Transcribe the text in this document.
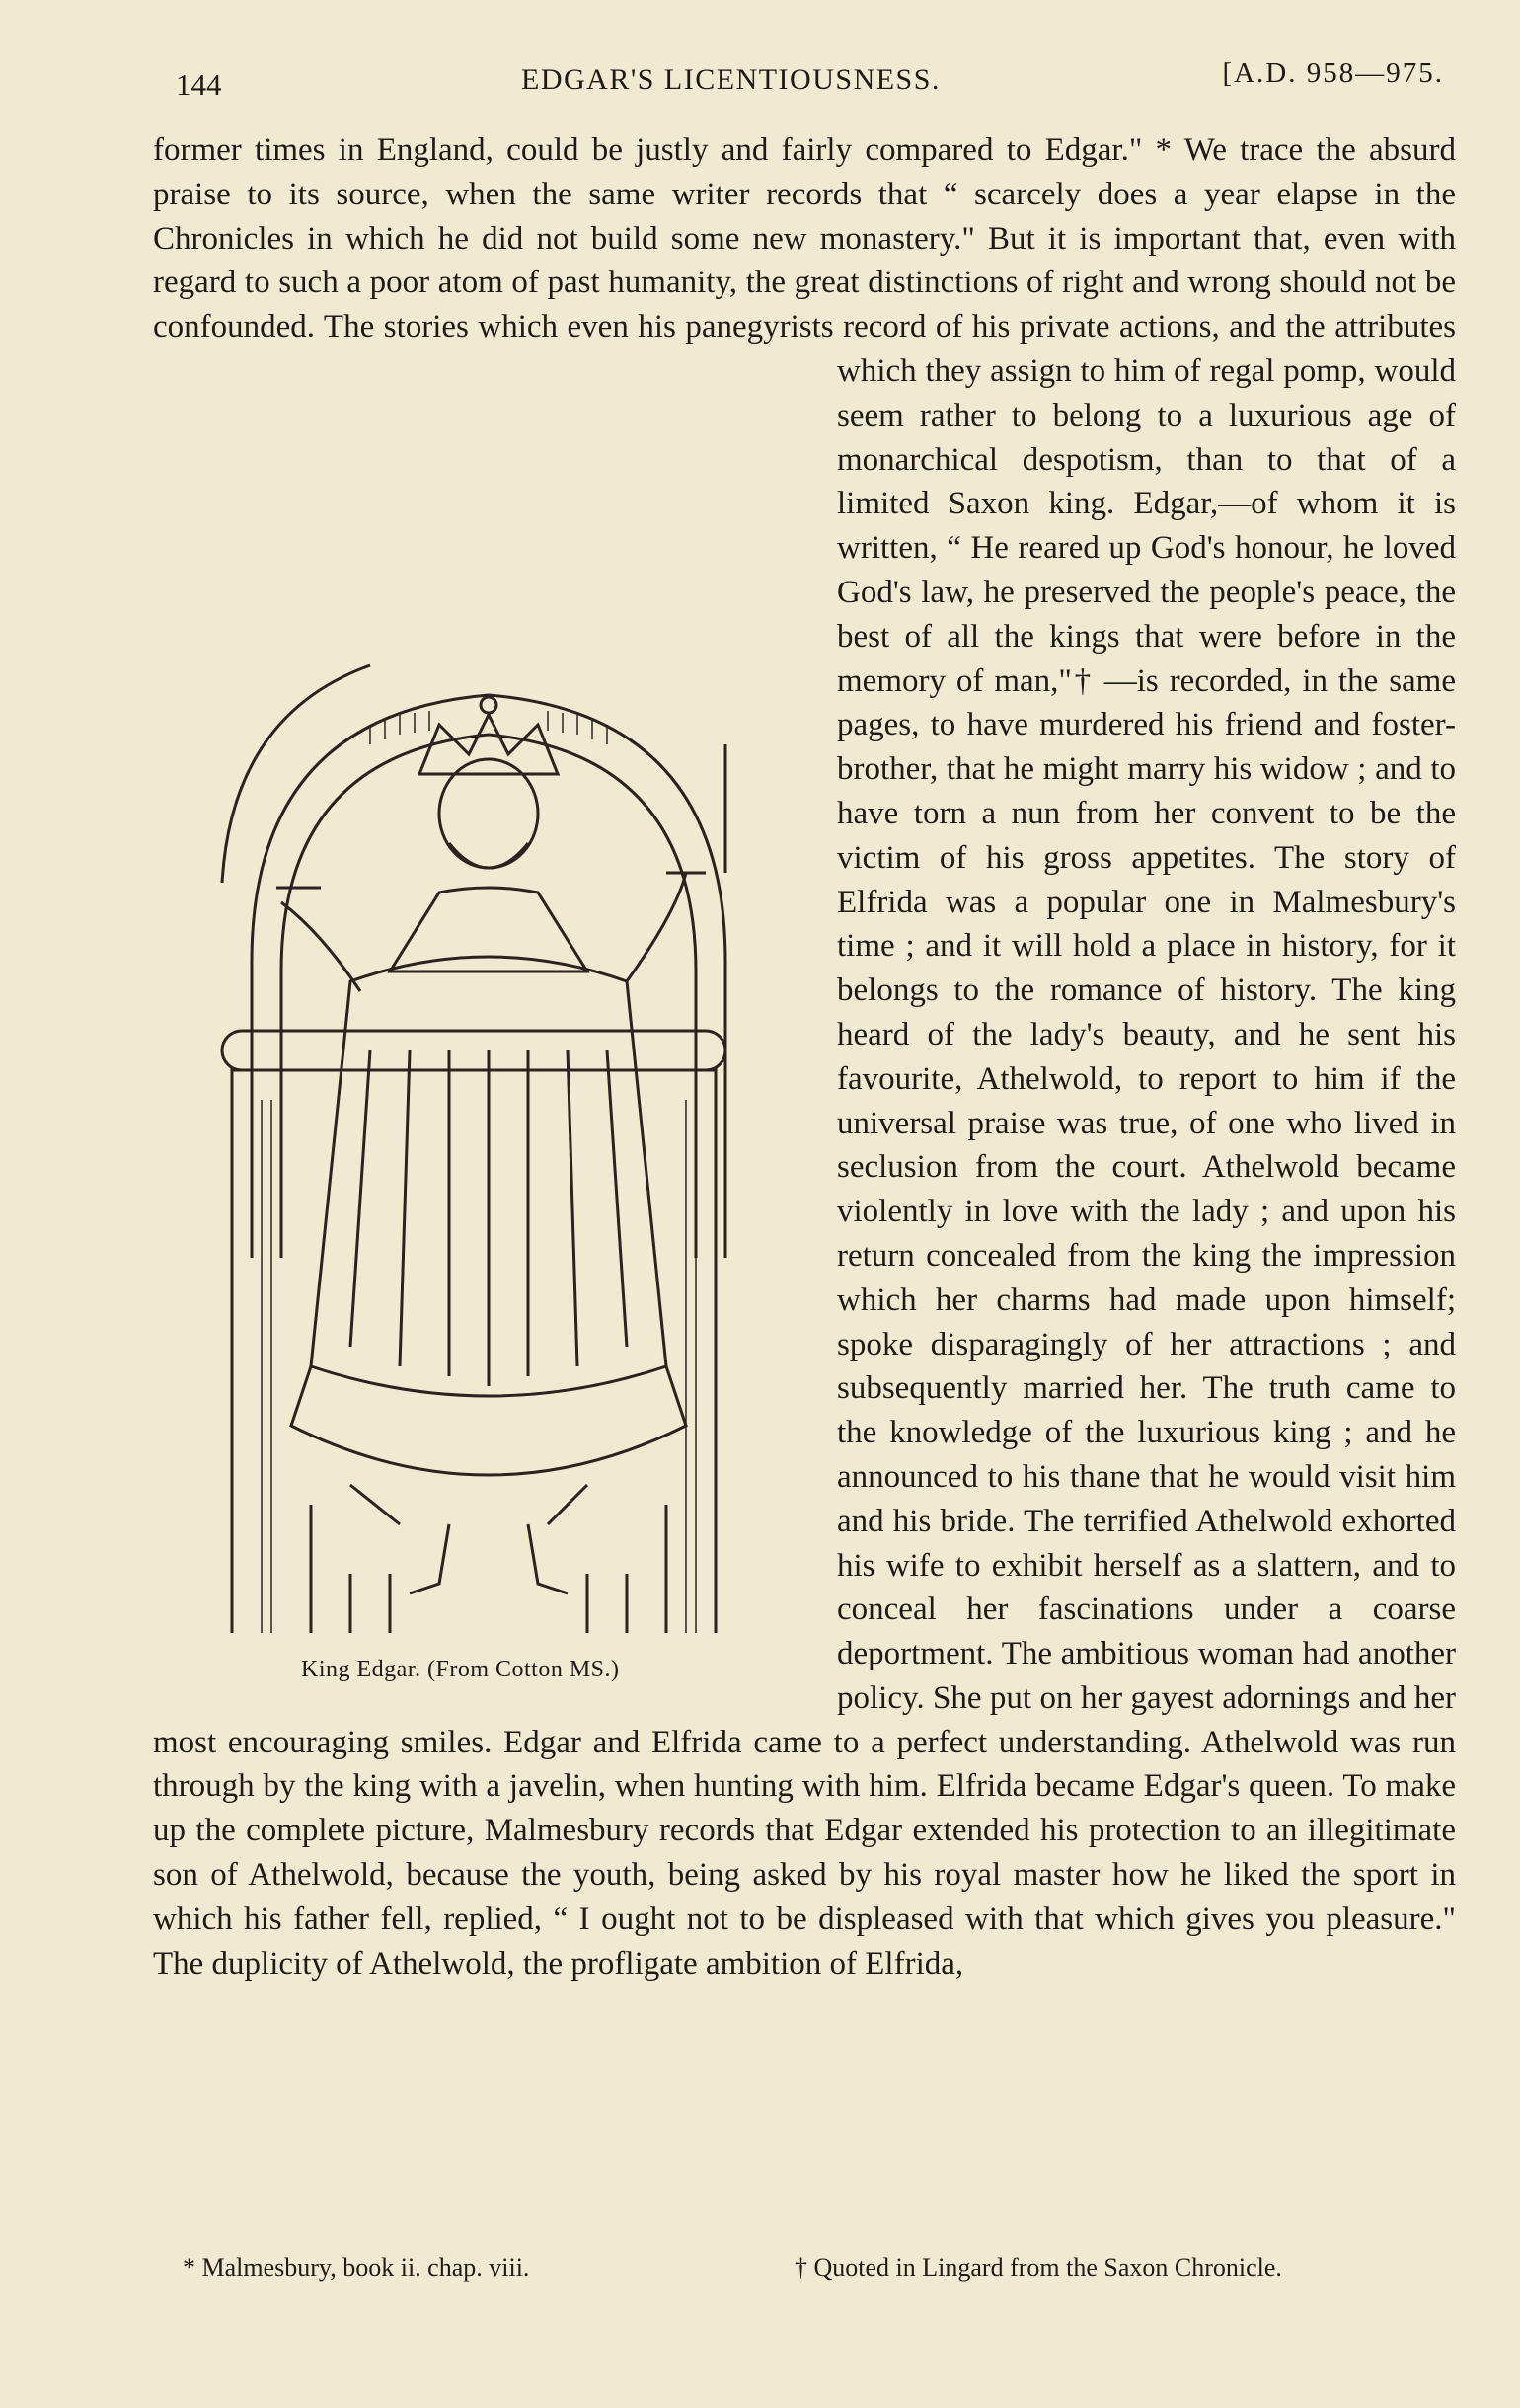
144	EDGAR'S LICENTIOUSNESS.	[A.D. 958—975.
former times in England, could be justly and fairly compared to Edgar." * We trace the absurd praise to its source, when the same writer records that “ scarcely does a year elapse in the Chronicles in which he did not build some new monastery." But it is important that, even with regard to such a poor atom of past humanity, the great distinctions of right and wrong should not be confounded. The stories which even his panegyrists record of his private
King Edgar. (From Cotton MS.)
actions, and the attributes which they assign to him of regal pomp, would seem rather to belong to a luxurious age of monarchical despotism, than to that of a limited Saxon king. Edgar,—of whom it is written, “ He reared up God's honour, he loved God's law, he preserved the people's peace, the best of all the kings that were before in the memory of man,"† —is recorded, in the same pages, to have murdered his friend and foster-brother, that he might marry his widow ; and to have torn a nun from her convent to be the victim of his gross appetites. The story of Elfrida was a popular one in Malmesbury's time ; and it will hold a place in history, for it belongs to the romance of history. The king heard of the lady's beauty, and he sent his favourite, Athelwold, to report to him if the universal praise was true, of one who lived in seclusion from the court. Athelwold became violently in love with the lady ; and upon his return concealed from the king the impression which her charms had made upon himself; spoke disparagingly of her attractions ; and subsequently married her. The truth came to the knowledge of the luxurious king ; and he announced to his thane that he would visit him and his bride. The terrified Athelwold exhorted his wife to exhibit herself as a slattern, and to conceal her fascinations under a coarse deportment. The ambitious woman had another policy. She put on her gayest adornings and her most encouraging smiles. Edgar and Elfrida came to a perfect understanding. Athelwold was run through by the king with a javelin, when hunting with him. Elfrida became Edgar's queen. To make up the complete picture, Malmesbury records that Edgar extended his protection to an illegitimate son of Athelwold, because the youth, being asked by his royal master how he liked the sport in which his father fell, replied, “ I ought not to be displeased with that which gives you pleasure." The duplicity of Athelwold, the profligate ambition of Elfrida,
* Malmesbury, book ii. chap. viii.	† Quoted in Lingard from the Saxon Chronicle.
